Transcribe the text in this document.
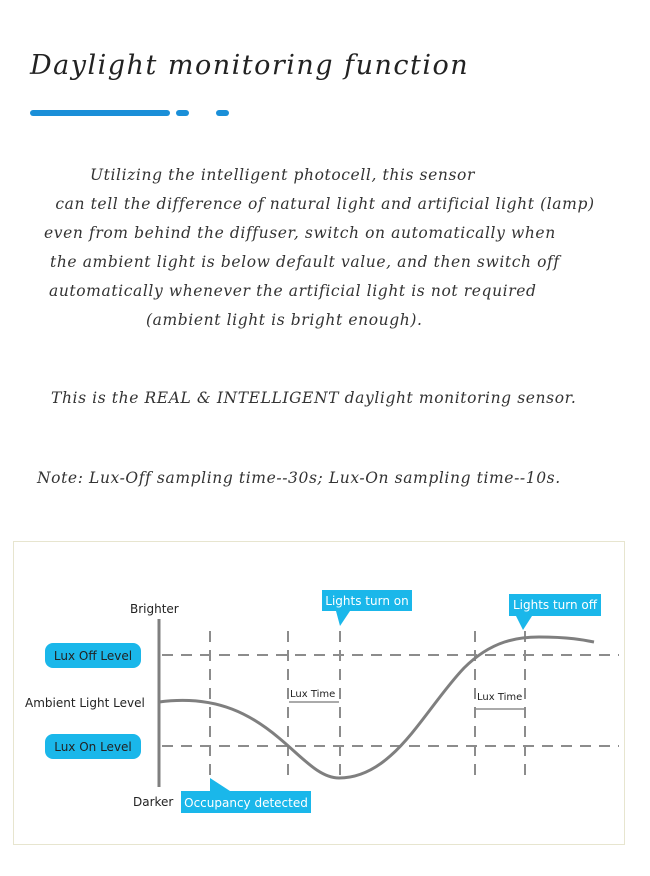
Daylight monitoring function
Utilizing the intelligent photocell, this sensor
can tell the difference of natural light and artificial light (lamp)
even from behind the diffuser, switch on automatically when
the ambient light is below default value, and then switch off
automatically whenever the artificial light is not required
(ambient light is bright enough).
This is the REAL & INTELLIGENT daylight monitoring sensor.
Note: Lux-Off sampling time--30s; Lux-On sampling time--10s.
Brighter
Darker
Lux Time	Lux Time
Lux Off Level
Ambient Light Level
Lux On Level
Lights turn on	Lights turn off
Occupancy detected
